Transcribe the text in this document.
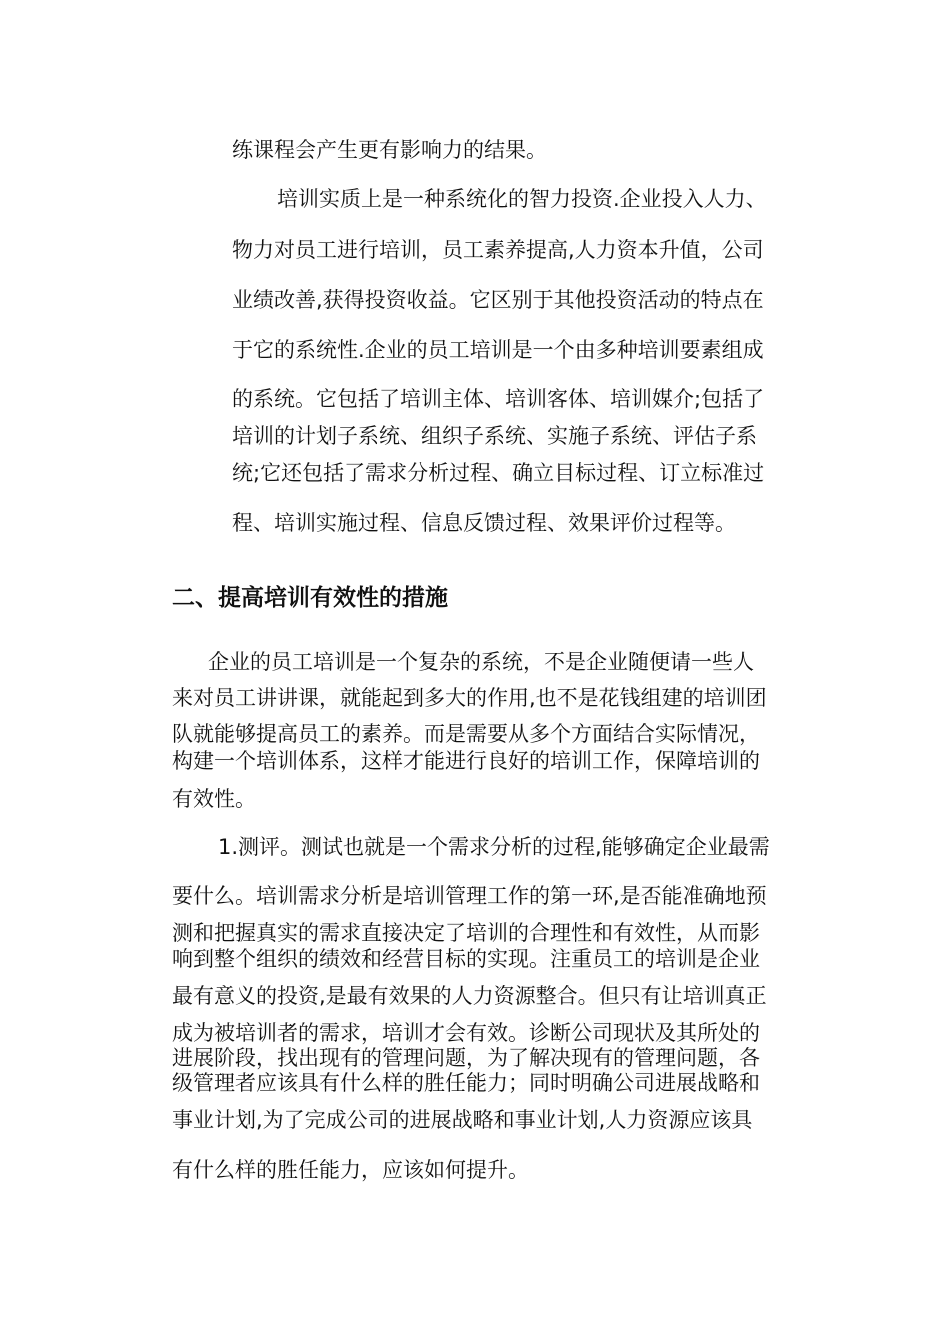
练课程会产生更有影响力的结果。
培训实质上是一种系统化的智力投资.企业投入人力、
物力对员工进行培训，员工素养提高,人力资本升值，公司
业绩改善,获得投资收益。它区别于其他投资活动的特点在
于它的系统性.企业的员工培训是一个由多种培训要素组成
的系统。它包括了培训主体、培训客体、培训媒介;包括了
培训的计划子系统、组织子系统、实施子系统、评估子系
统;它还包括了需求分析过程、确立目标过程、订立标准过
程、培训实施过程、信息反馈过程、效果评价过程等。
二、提高培训有效性的措施
企业的员工培训是一个复杂的系统，不是企业随便请一些人
来对员工讲讲课，就能起到多大的作用,也不是花钱组建的培训团
队就能够提高员工的素养。而是需要从多个方面结合实际情况，
构建一个培训体系，这样才能进行良好的培训工作，保障培训的
有效性。
1.测评。测试也就是一个需求分析的过程,能够确定企业最需
要什么。培训需求分析是培训管理工作的第一环,是否能准确地预
测和把握真实的需求直接决定了培训的合理性和有效性，从而影
响到整个组织的绩效和经营目标的实现。注重员工的培训是企业
最有意义的投资,是最有效果的人力资源整合。但只有让培训真正
成为被培训者的需求，培训才会有效。诊断公司现状及其所处的
进展阶段，找出现有的管理问题，为了解决现有的管理问题，各
级管理者应该具有什么样的胜任能力；同时明确公司进展战略和
事业计划,为了完成公司的进展战略和事业计划,人力资源应该具
有什么样的胜任能力，应该如何提升。
